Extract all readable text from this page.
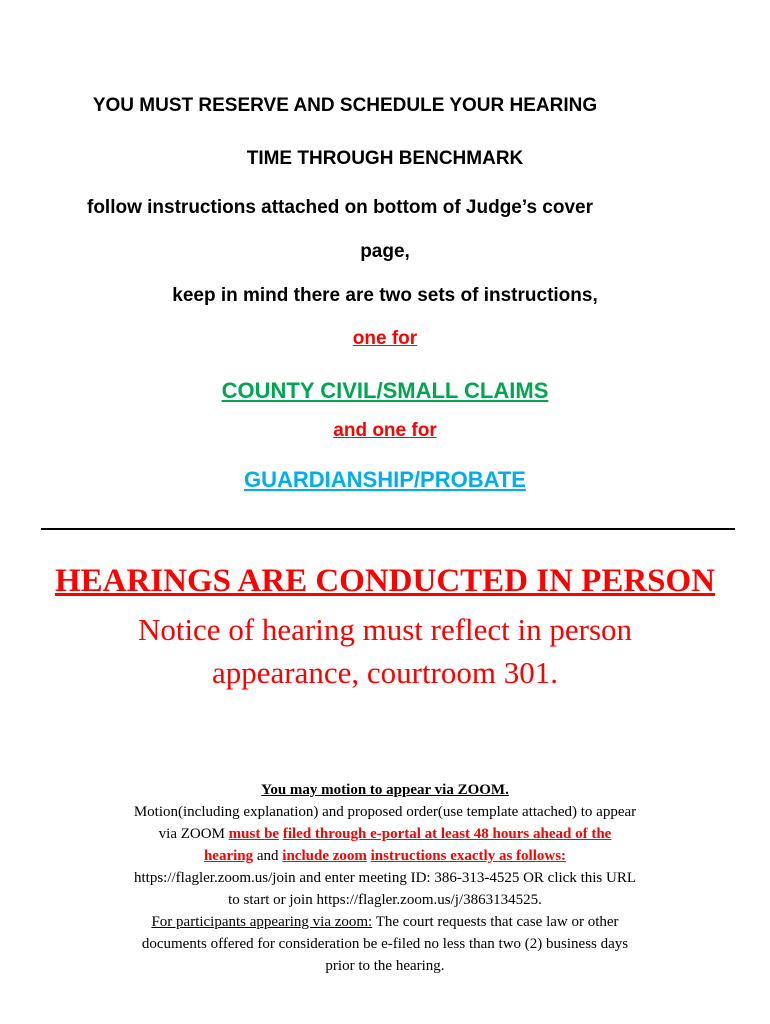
YOU MUST RESERVE AND SCHEDULE YOUR HEARING
TIME THROUGH BENCHMARK
follow instructions attached on bottom of Judge’s cover
page,
keep in mind there are two sets of instructions,
one for
COUNTY CIVIL/SMALL CLAIMS
and one for
GUARDIANSHIP/PROBATE
HEARINGS ARE CONDUCTED IN PERSON
Notice of hearing must reflect in person
appearance, courtroom 301.
You may motion to appear via ZOOM.
Motion(including explanation) and proposed order(use template attached) to appear
via ZOOM must be filed through e-portal at least 48 hours ahead of the
hearing and include zoom instructions exactly as follows:
https://flagler.zoom.us/join and enter meeting ID: 386-313-4525 OR click this URL
to start or join https://flagler.zoom.us/j/3863134525.
For participants appearing via zoom: The court requests that case law or other
documents offered for consideration be e-filed no less than two (2) business days
prior to the hearing.
